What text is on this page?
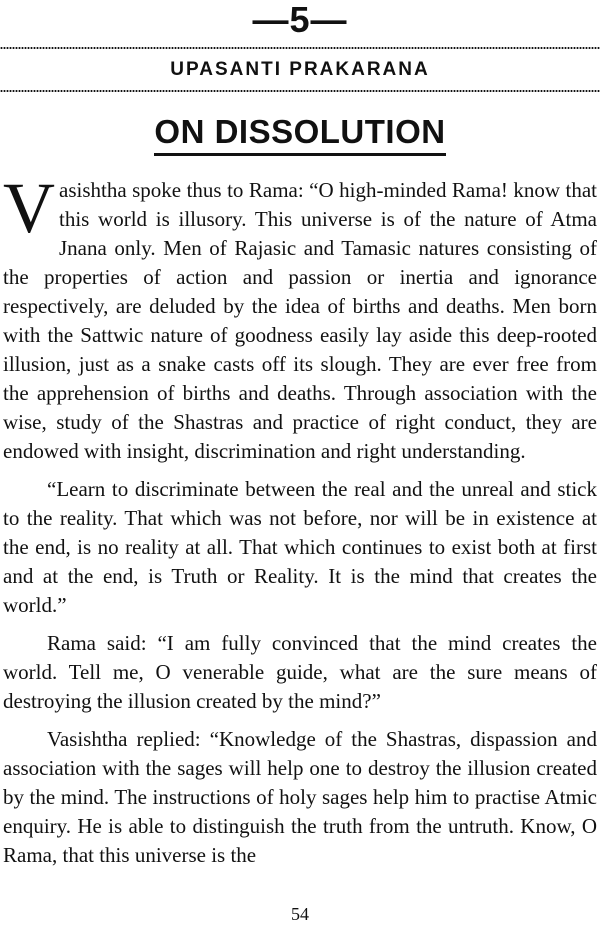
—5—
UPASANTI PRAKARANA
ON DISSOLUTION

Vasishtha spoke thus to Rama: “O high-minded Rama! know that this world is illusory. This universe is of the nature of Atma Jnana only. Men of Rajasic and Tamasic natures consisting of the properties of action and passion or inertia and ignorance respectively, are deluded by the idea of births and deaths. Men born with the Sattwic nature of goodness easily lay aside this deep-rooted illusion, just as a snake casts off its slough. They are ever free from the apprehension of births and deaths. Through association with the wise, study of the Shastras and practice of right conduct, they are endowed with insight, discrimination and right understanding.

“Learn to discriminate between the real and the unreal and stick to the reality. That which was not before, nor will be in existence at the end, is no reality at all. That which continues to exist both at first and at the end, is Truth or Reality. It is the mind that creates the world.”

Rama said: “I am fully convinced that the mind creates the world. Tell me, O venerable guide, what are the sure means of destroying the illusion created by the mind?”

Vasishtha replied: “Knowledge of the Shastras, dispassion and association with the sages will help one to destroy the illusion created by the mind. The instructions of holy sages help him to practise Atmic enquiry. He is able to distinguish the truth from the untruth. Know, O Rama, that this universe is the

54
